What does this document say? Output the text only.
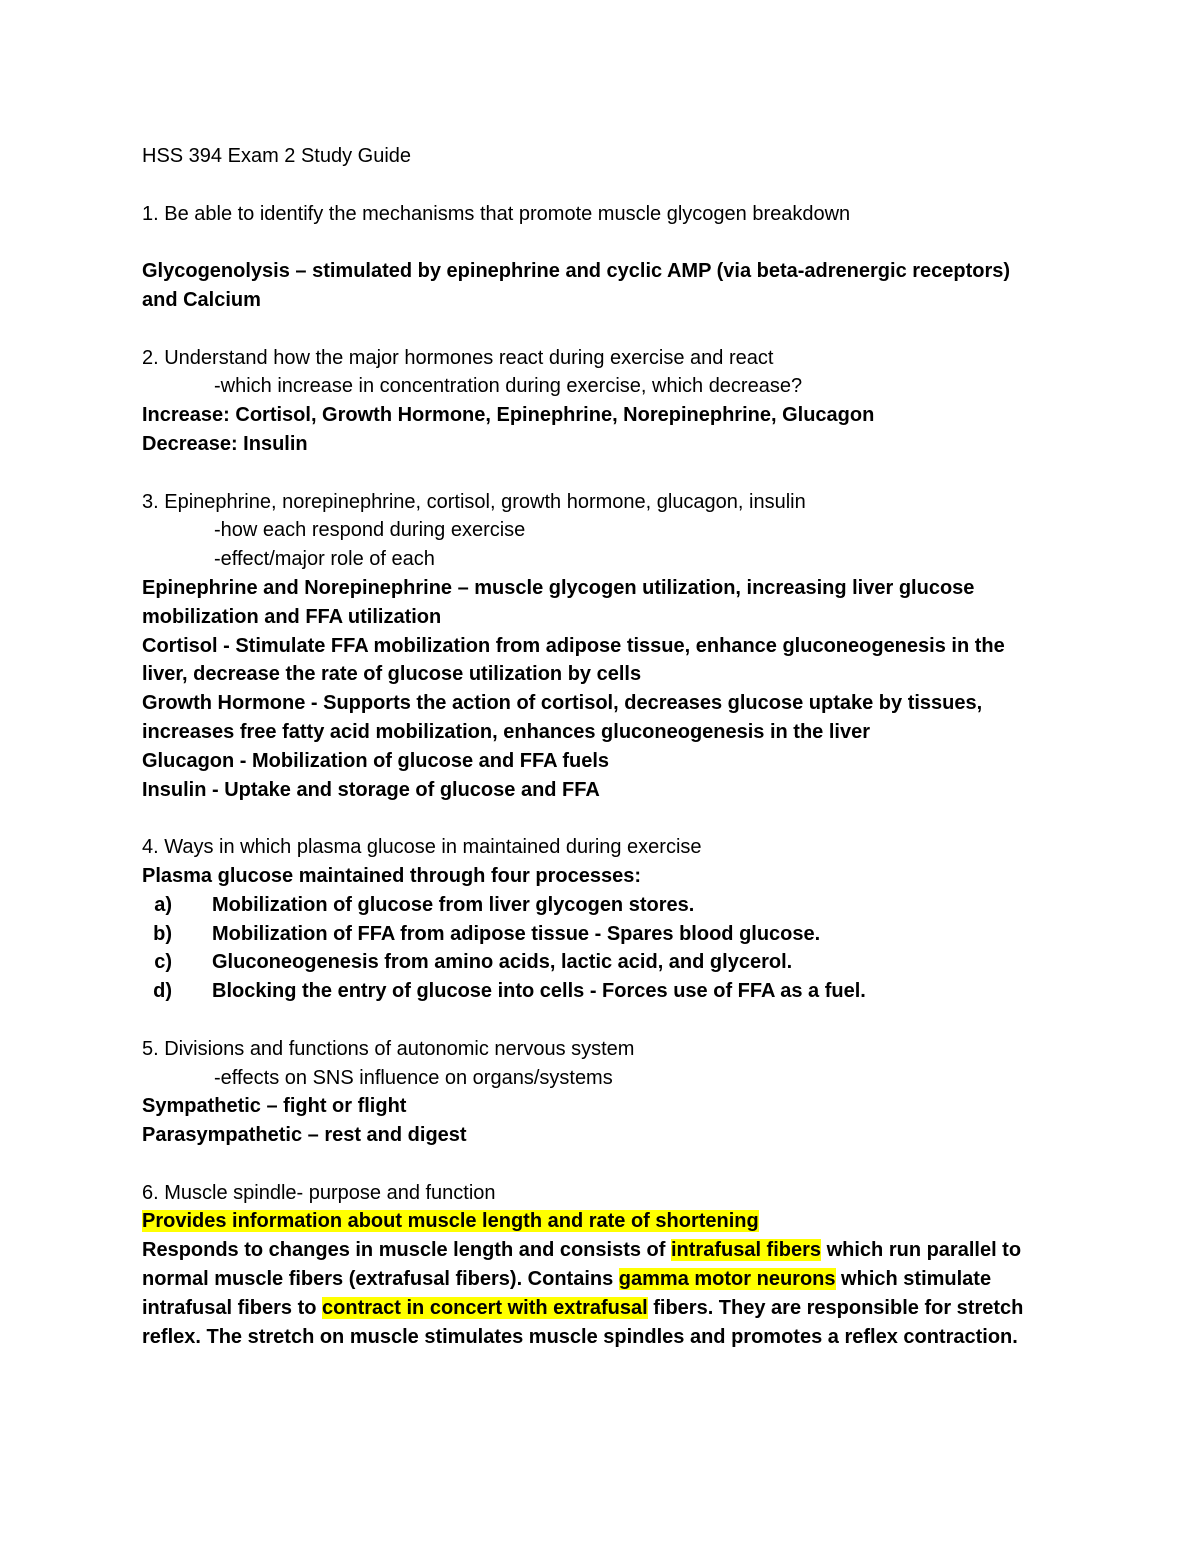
HSS 394 Exam 2 Study Guide
1. Be able to identify the mechanisms that promote muscle glycogen breakdown
Glycogenolysis – stimulated by epinephrine and cyclic AMP (via beta-adrenergic receptors)
and Calcium
2. Understand how the major hormones react during exercise and react
-which increase in concentration during exercise, which decrease?
Increase: Cortisol, Growth Hormone, Epinephrine, Norepinephrine, Glucagon
Decrease: Insulin
3. Epinephrine, norepinephrine, cortisol, growth hormone, glucagon, insulin
-how each respond during exercise
-effect/major role of each
Epinephrine and Norepinephrine – muscle glycogen utilization, increasing liver glucose
mobilization and FFA utilization
Cortisol - Stimulate FFA mobilization from adipose tissue, enhance gluconeogenesis in the
liver, decrease the rate of glucose utilization by cells
Growth Hormone - Supports the action of cortisol, decreases glucose uptake by tissues,
increases free fatty acid mobilization, enhances gluconeogenesis in the liver
Glucagon - Mobilization of glucose and FFA fuels
Insulin - Uptake and storage of glucose and FFA
4. Ways in which plasma glucose in maintained during exercise
Plasma glucose maintained through four processes:
a)	Mobilization of glucose from liver glycogen stores.
b)	Mobilization of FFA from adipose tissue - Spares blood glucose.
c)	Gluconeogenesis from amino acids, lactic acid, and glycerol.
d)	Blocking the entry of glucose into cells - Forces use of FFA as a fuel.
5. Divisions and functions of autonomic nervous system
-effects on SNS influence on organs/systems
Sympathetic – fight or flight
Parasympathetic – rest and digest
6. Muscle spindle- purpose and function
Provides information about muscle length and rate of shortening
Responds to changes in muscle length and consists of intrafusal fibers which run parallel to
normal muscle fibers (extrafusal fibers). Contains gamma motor neurons which stimulate
intrafusal fibers to contract in concert with extrafusal fibers. They are responsible for stretch
reflex. The stretch on muscle stimulates muscle spindles and promotes a reflex contraction.
